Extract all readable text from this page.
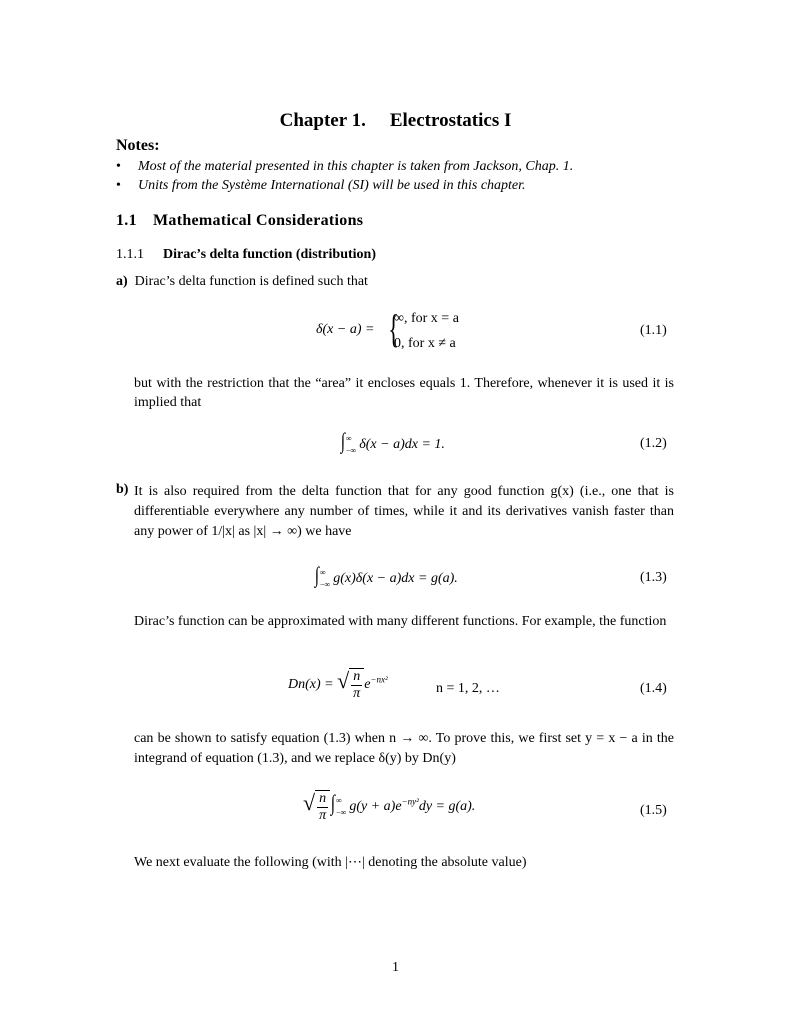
Chapter 1. Electrostatics I
Notes:
• Most of the material presented in this chapter is taken from Jackson, Chap. 1.
• Units from the Système International (SI) will be used in this chapter.
1.1 Mathematical Considerations
1.1.1 Dirac’s delta function (distribution)
a) Dirac’s delta function is defined such that
δ(x − a) = {
∞, for x = a
0, for x ≠ a
(1.1)
but with the restriction that the “area” it encloses equals 1. Therefore, whenever it is used it is implied that
∫ ∞
−∞ δ(x − a)dx = 1.	(1.2)
b) It is also required from the delta function that for any good function g(x) (i.e., one that is differentiable everywhere any number of times, while it and its derivatives vanish faster than any power of 1/|x| as |x| → ∞) we have
∫ ∞
−∞ g(x)δ(x − a)dx = g(a).	(1.3)
Dirac’s function can be approximated with many different functions. For example, the function
Dn(x) = √ $\frac{n}{\pi} e^{-nx^2}$
n = 1, 2, …	(1.4)
can be shown to satisfy equation (1.3) when n → ∞. To prove this, we first set y = x − a in the integrand of equation (1.3), and we replace δ(y) by Dn(y)
√ $\frac{n}{\pi}$ ∫ ∞
−∞ $g(y + a)e^{-ny^2}dy = g(a)$.	(1.5)
We next evaluate the following (with |⋯| denoting the absolute value)
1
